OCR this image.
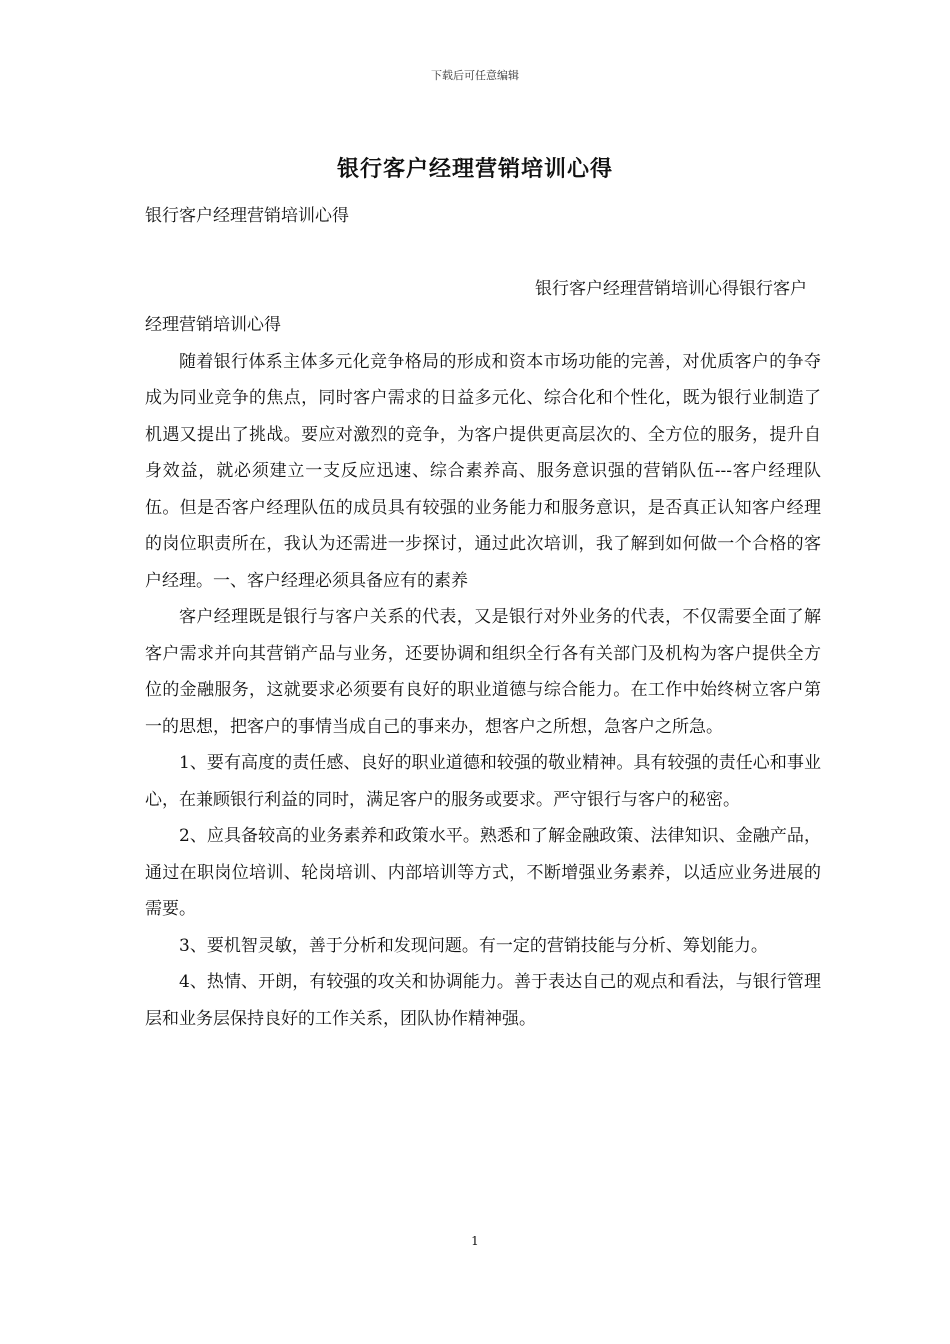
下载后可任意编辑
银行客户经理营销培训心得

银行客户经理营销培训心得

银行客户经理营销培训心得银行客户

经理营销培训心得

随着银行体系主体多元化竞争格局的形成和资本市场功能的完善，对优质客户的争夺成为同业竞争的焦点，同时客户需求的日益多元化、综合化和个性化，既为银行业制造了机遇又提出了挑战。要应对激烈的竞争，为客户提供更高层次的、全方位的服务，提升自身效益，就必须建立一支反应迅速、综合素养高、服务意识强的营销队伍---客户经理队伍。但是否客户经理队伍的成员具有较强的业务能力和服务意识，是否真正认知客户经理的岗位职责所在，我认为还需进一步探讨，通过此次培训，我了解到如何做一个合格的客户经理。一、客户经理必须具备应有的素养

客户经理既是银行与客户关系的代表，又是银行对外业务的代表，不仅需要全面了解客户需求并向其营销产品与业务，还要协调和组织全行各有关部门及机构为客户提供全方位的金融服务，这就要求必须要有良好的职业道德与综合能力。在工作中始终树立客户第一的思想，把客户的事情当成自己的事来办，想客户之所想，急客户之所急。

1、要有高度的责任感、良好的职业道德和较强的敬业精神。具有较强的责任心和事业心，在兼顾银行利益的同时，满足客户的服务或要求。严守银行与客户的秘密。

2、应具备较高的业务素养和政策水平。熟悉和了解金融政策、法律知识、金融产品，通过在职岗位培训、轮岗培训、内部培训等方式，不断增强业务素养，以适应业务进展的需要。

3、要机智灵敏，善于分析和发现问题。有一定的营销技能与分析、筹划能力。

4、热情、开朗，有较强的攻关和协调能力。善于表达自己的观点和看法，与银行管理层和业务层保持良好的工作关系，团队协作精神强。

1
